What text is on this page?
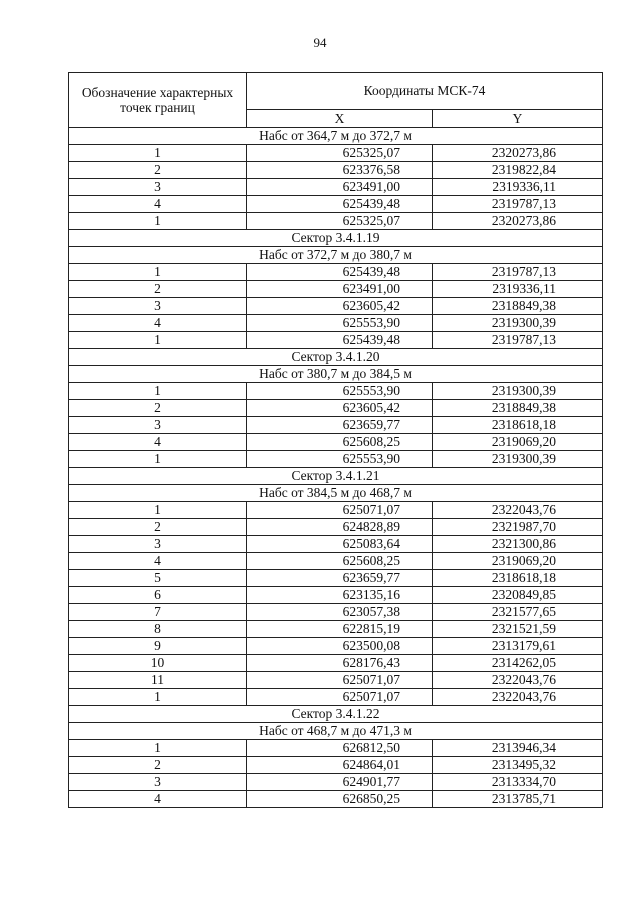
94
Обозначение характерных точек границ	Координаты МСК-74	
	X	Y
Набс от 364,7 м до 372,7 м		
1	625325,07	2320273,86
2	623376,58	2319822,84
3	623491,00	2319336,11
4	625439,48	2319787,13
1	625325,07	2320273,86
Сектор 3.4.1.19		
Набс от 372,7 м до 380,7 м		
1	625439,48	2319787,13
2	623491,00	2319336,11
3	623605,42	2318849,38
4	625553,90	2319300,39
1	625439,48	2319787,13
Сектор 3.4.1.20		
Набс от 380,7 м до 384,5 м		
1	625553,90	2319300,39
2	623605,42	2318849,38
3	623659,77	2318618,18
4	625608,25	2319069,20
1	625553,90	2319300,39
Сектор 3.4.1.21		
Набс от 384,5 м до 468,7 м		
1	625071,07	2322043,76
2	624828,89	2321987,70
3	625083,64	2321300,86
4	625608,25	2319069,20
5	623659,77	2318618,18
6	623135,16	2320849,85
7	623057,38	2321577,65
8	622815,19	2321521,59
9	623500,08	2313179,61
10	628176,43	2314262,05
11	625071,07	2322043,76
1	625071,07	2322043,76
Сектор 3.4.1.22		
Набс от 468,7 м до 471,3 м		
1	626812,50	2313946,34
2	624864,01	2313495,32
3	624901,77	2313334,70
4	626850,25	2313785,71
